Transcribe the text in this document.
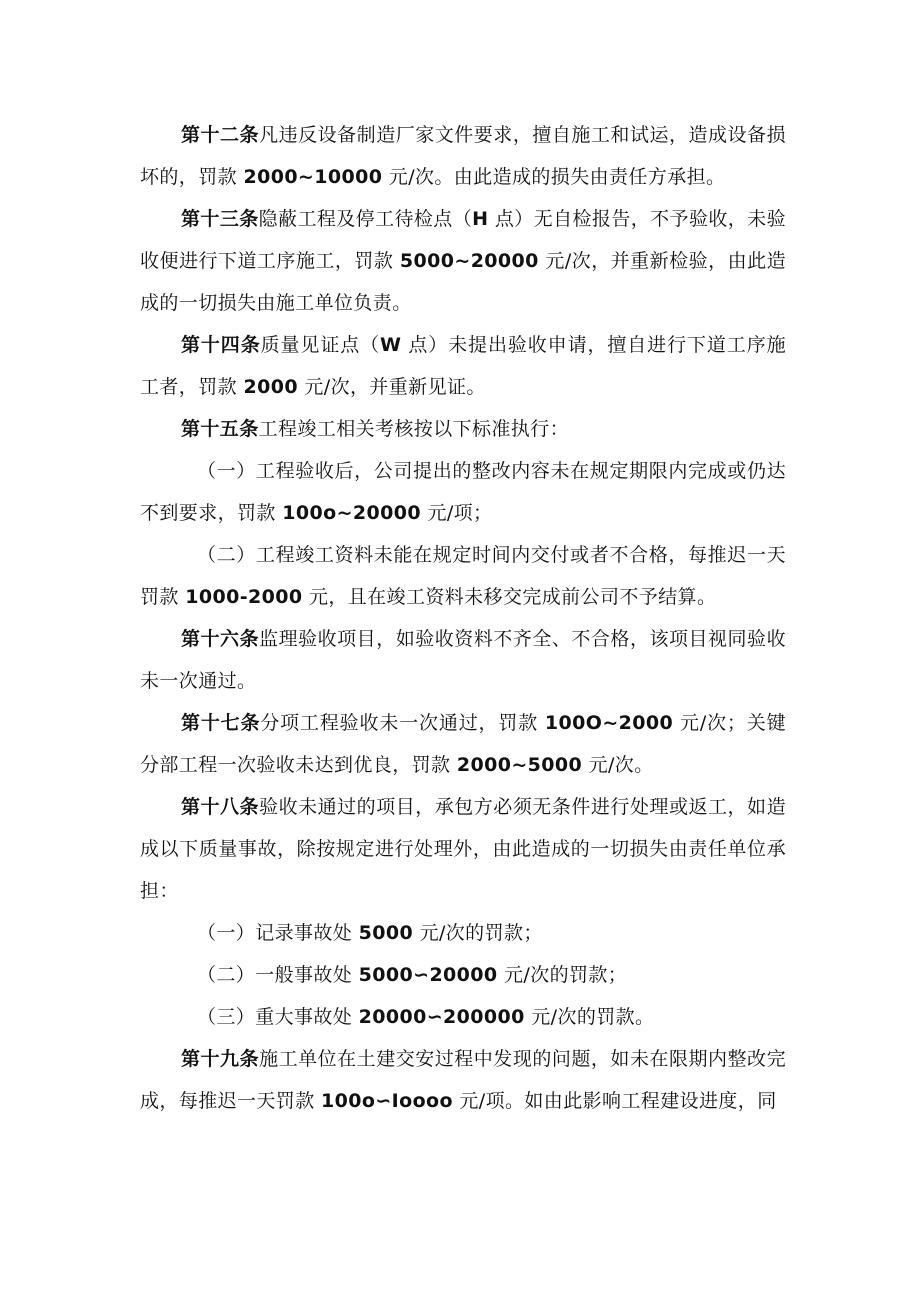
第十二条凡违反设备制造厂家文件要求，擅自施工和试运，造成设备损坏的，罚款 2000~10000 元/次。由此造成的损失由责任方承担。

第十三条隐蔽工程及停工待检点（H 点）无自检报告，不予验收，未验收便进行下道工序施工，罚款 5000~20000 元/次，并重新检验，由此造成的一切损失由施工单位负责。

第十四条质量见证点（W 点）未提出验收申请，擅自进行下道工序施工者，罚款 2000 元/次，并重新见证。

第十五条工程竣工相关考核按以下标准执行：

（一）工程验收后，公司提出的整改内容未在规定期限内完成或仍达不到要求，罚款 100o~20000 元/项；

（二）工程竣工资料未能在规定时间内交付或者不合格，每推迟一天罚款 1000-2000 元，且在竣工资料未移交完成前公司不予结算。

第十六条监理验收项目，如验收资料不齐全、不合格，该项目视同验收未一次通过。

第十七条分项工程验收未一次通过，罚款 100O~2000 元/次；关键分部工程一次验收未达到优良，罚款 2000~5000 元/次。

第十八条验收未通过的项目，承包方必须无条件进行处理或返工，如造成以下质量事故，除按规定进行处理外，由此造成的一切损失由责任单位承担：

（一）记录事故处 5000 元/次的罚款；

（二）一般事故处 5000∽20000 元/次的罚款；

（三）重大事故处 20000∽200000 元/次的罚款。

第十九条施工单位在土建交安过程中发现的问题，如未在限期内整改完成，每推迟一天罚款 100o∽Ioooo 元/项。如由此影响工程建设进度，同
